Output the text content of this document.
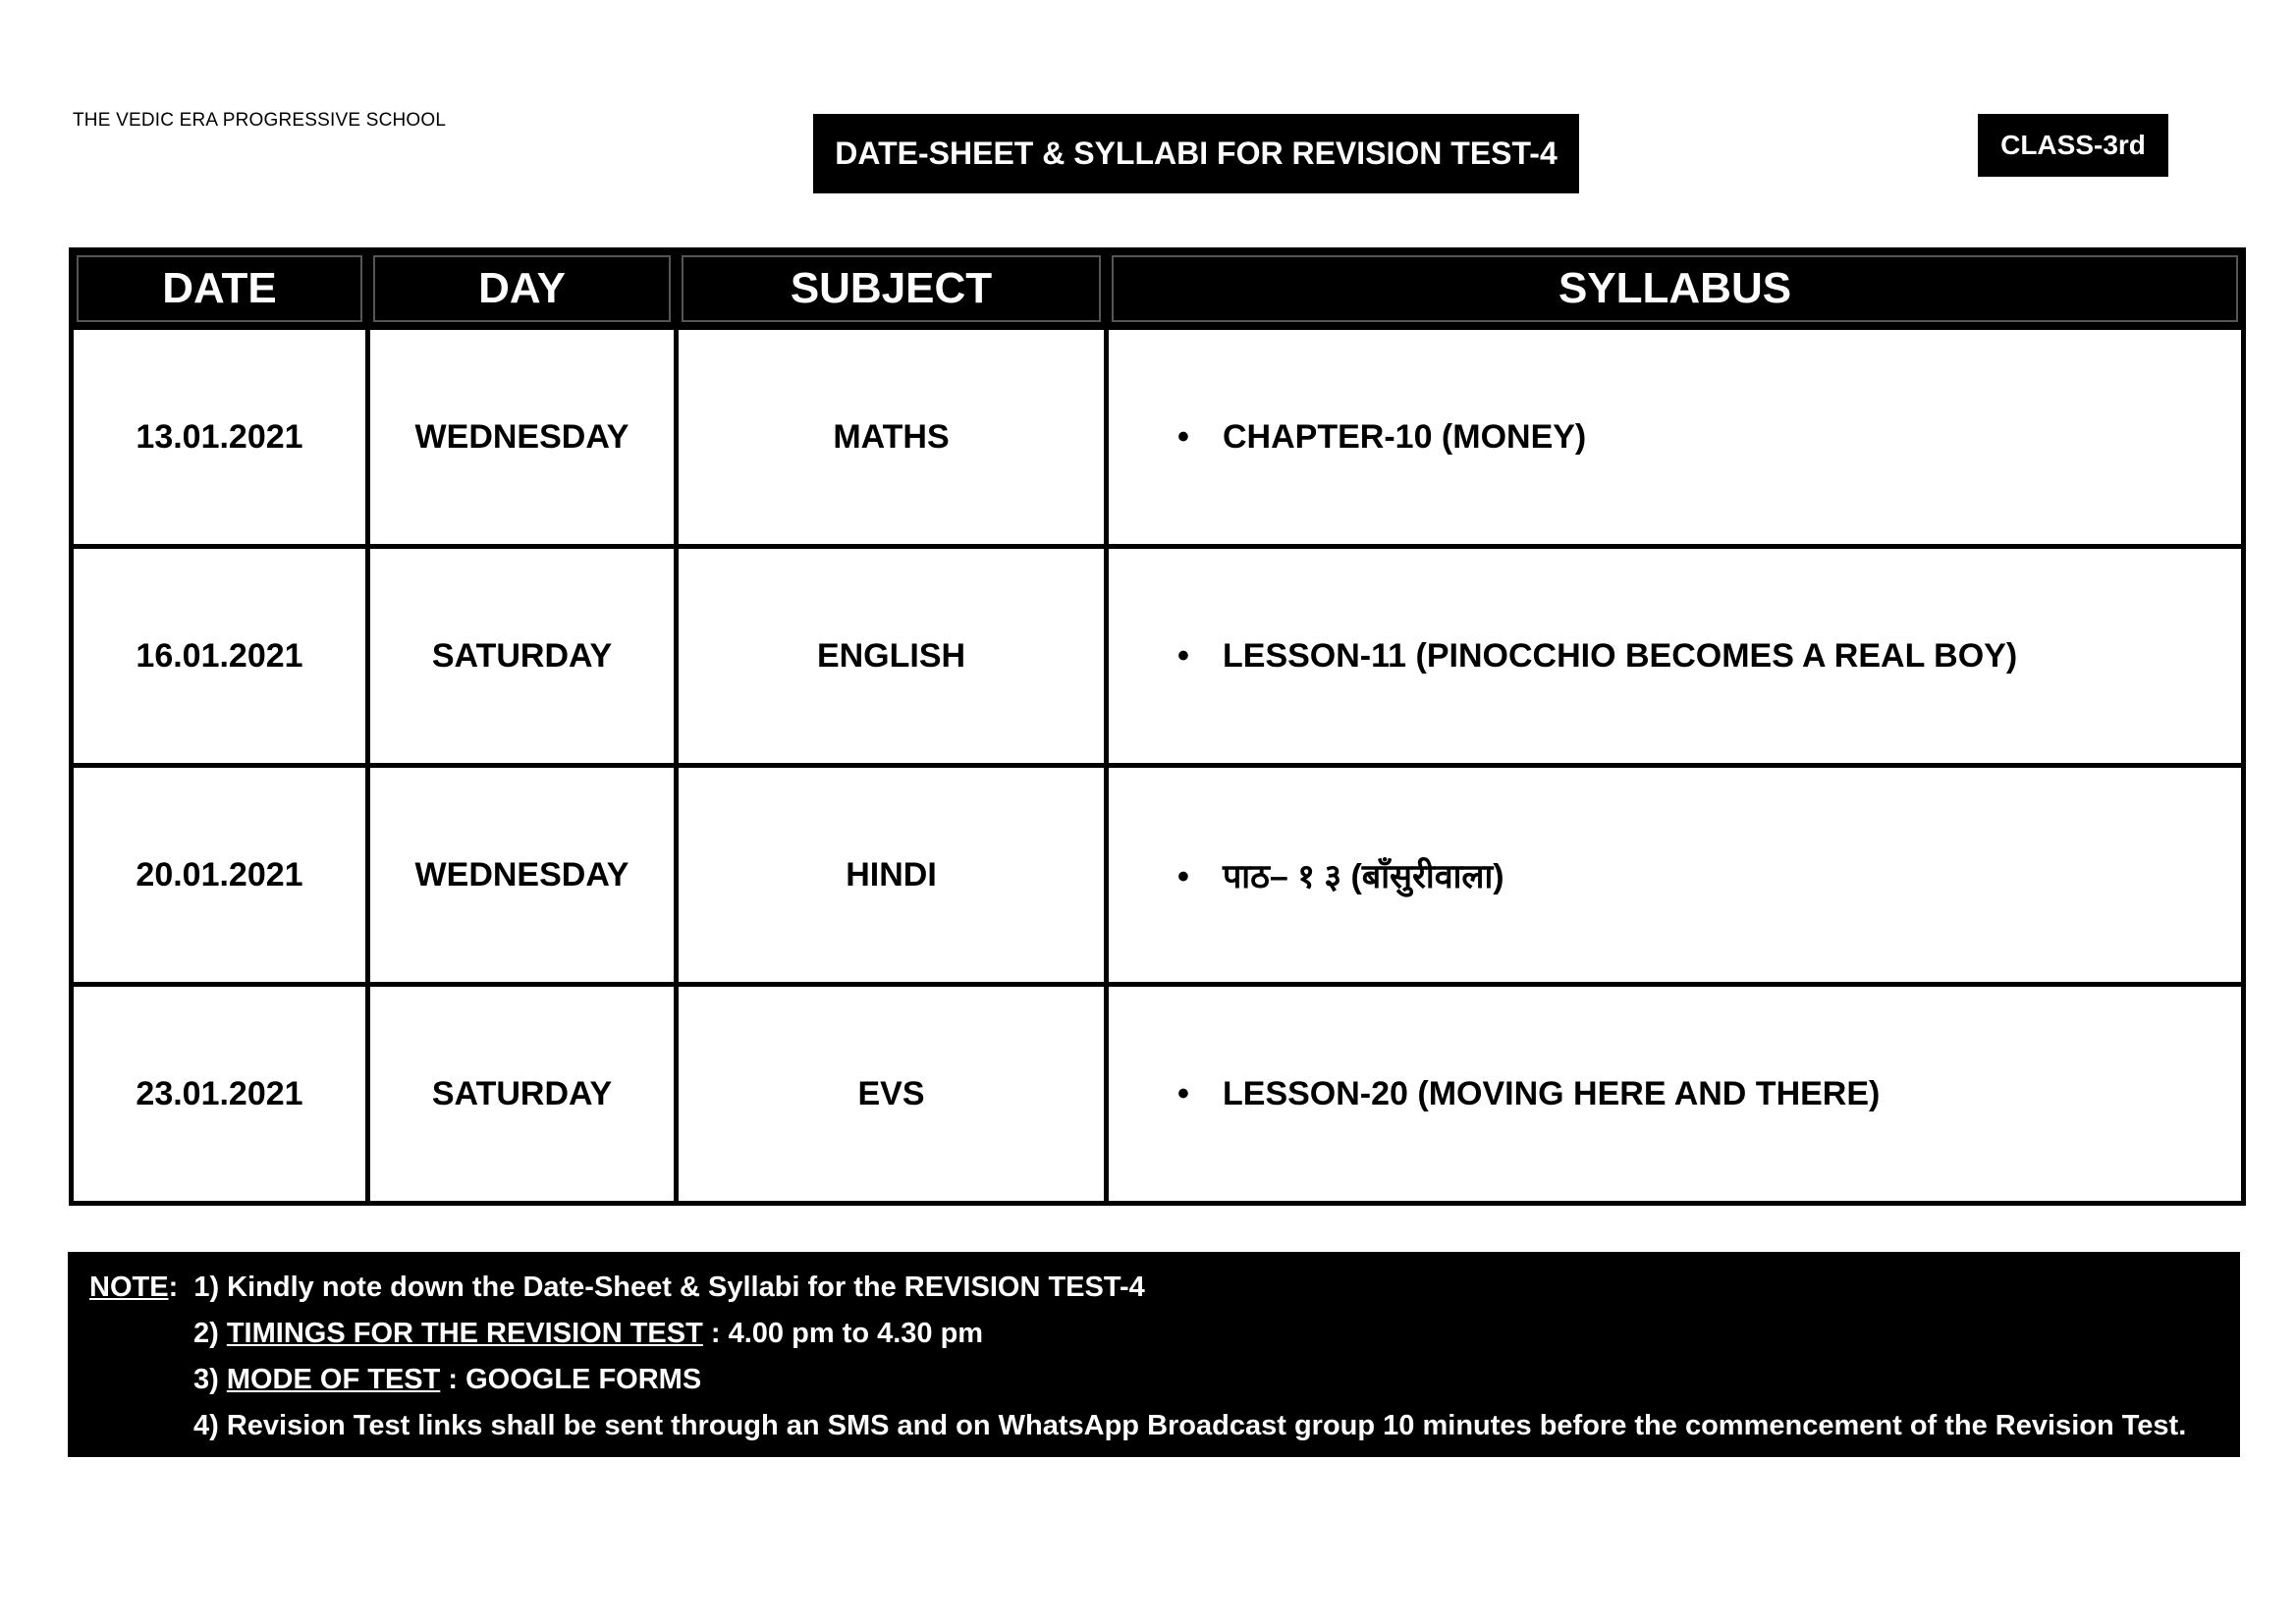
THE VEDIC ERA PROGRESSIVE SCHOOL
DATE-SHEET & SYLLABI FOR REVISION TEST-4	CLASS-3rd
DATE	DAY	SUBJECT	SYLLABUS
13.01.2021	WEDNESDAY	MATHS	• CHAPTER-10 (MONEY)
16.01.2021	SATURDAY	ENGLISH	• LESSON-11 (PINOCCHIO BECOMES A REAL BOY)
20.01.2021	WEDNESDAY	HINDI	• पाठ– १ ३ (बाँसुरीवाला)
23.01.2021	SATURDAY	EVS	• LESSON-20 (MOVING HERE AND THERE)
NOTE:  1) Kindly note down the Date-Sheet & Syllabi for the REVISION TEST-4
2) TIMINGS FOR THE REVISION TEST : 4.00 pm to 4.30 pm
3) MODE OF TEST : GOOGLE FORMS
4) Revision Test links shall be sent through an SMS and on WhatsApp Broadcast group 10 minutes before the commencement of the Revision Test.
